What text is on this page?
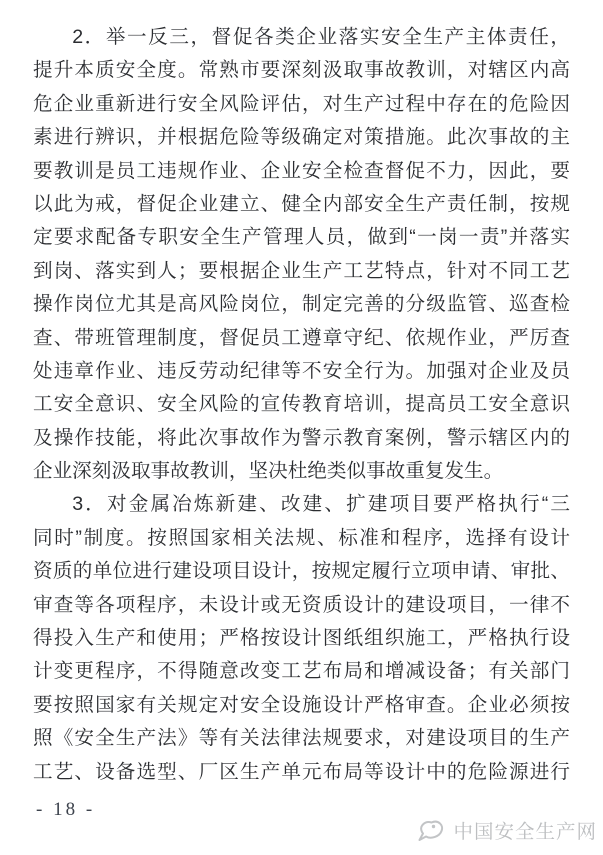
2．举一反三，督促各类企业落实安全生产主体责任，
提升本质安全度。常熟市要深刻汲取事故教训，对辖区内高
危企业重新进行安全风险评估，对生产过程中存在的危险因
素进行辨识，并根据危险等级确定对策措施。此次事故的主
要教训是员工违规作业、企业安全检查督促不力，因此，要
以此为戒，督促企业建立、健全内部安全生产责任制，按规
定要求配备专职安全生产管理人员，做到“一岗一责”并落实
到岗、落实到人；要根据企业生产工艺特点，针对不同工艺
操作岗位尤其是高风险岗位，制定完善的分级监管、巡查检
查、带班管理制度，督促员工遵章守纪、依规作业，严厉查
处违章作业、违反劳动纪律等不安全行为。加强对企业及员
工安全意识、安全风险的宣传教育培训，提高员工安全意识
及操作技能，将此次事故作为警示教育案例，警示辖区内的
企业深刻汲取事故教训，坚决杜绝类似事故重复发生。
3．对金属冶炼新建、改建、扩建项目要严格执行“三
同时”制度。按照国家相关法规、标准和程序，选择有设计
资质的单位进行建设项目设计，按规定履行立项申请、审批、
审查等各项程序，未设计或无资质设计的建设项目，一律不
得投入生产和使用；严格按设计图纸组织施工，严格执行设
计变更程序，不得随意改变工艺布局和增减设备；有关部门
要按照国家有关规定对安全设施设计严格审查。企业必须按
照《安全生产法》等有关法律法规要求，对建设项目的生产
工艺、设备选型、厂区生产单元布局等设计中的危险源进行
- 18 -
中国安全生产网
